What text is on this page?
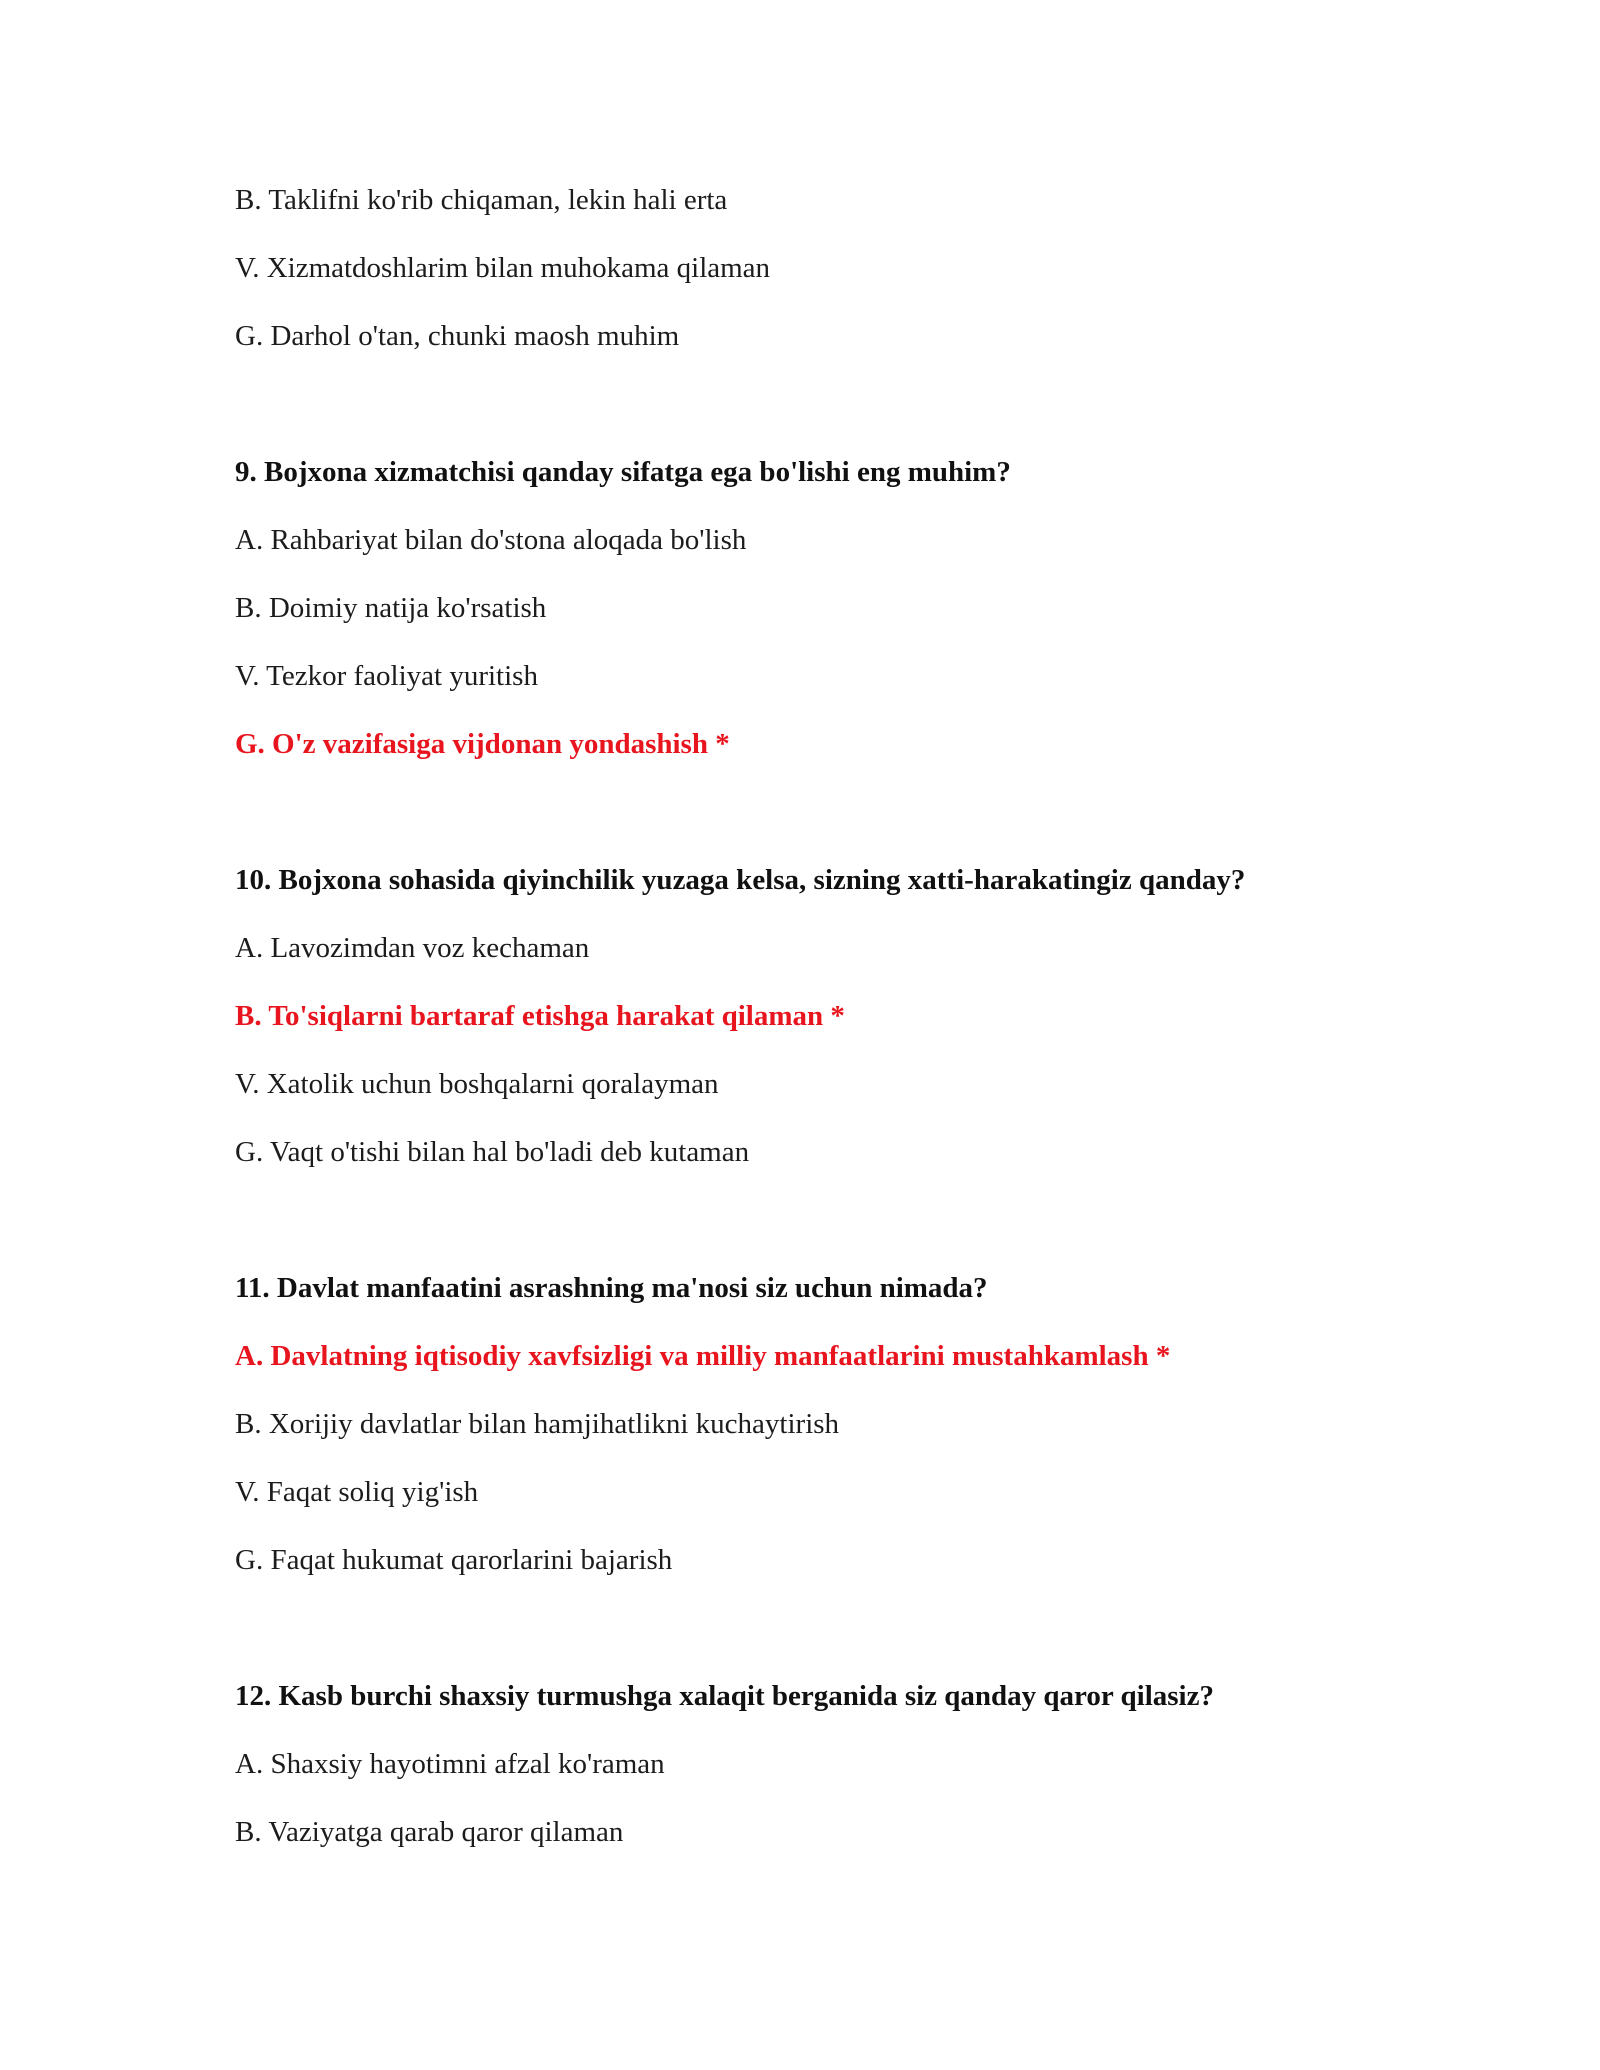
B. Taklifni ko'rib chiqaman, lekin hali erta
V. Xizmatdoshlarim bilan muhokama qilaman
G. Darhol o'tan, chunki maosh muhim
9. Bojxona xizmatchisi qanday sifatga ega bo'lishi eng muhim?
A. Rahbariyat bilan do'stona aloqada bo'lish
B. Doimiy natija ko'rsatish
V. Tezkor faoliyat yuritish
G. O'z vazifasiga vijdonan yondashish *
10. Bojxona sohasida qiyinchilik yuzaga kelsa, sizning xatti-harakatingiz qanday?
A. Lavozimdan voz kechaman
B. To'siqlarni bartaraf etishga harakat qilaman *
V. Xatolik uchun boshqalarni qoralayman
G. Vaqt o'tishi bilan hal bo'ladi deb kutaman
11. Davlat manfaatini asrashning ma'nosi siz uchun nimada?
A. Davlatning iqtisodiy xavfsizligi va milliy manfaatlarini mustahkamlash *
B. Xorijiy davlatlar bilan hamjihatlikni kuchaytirish
V. Faqat soliq yig'ish
G. Faqat hukumat qarorlarini bajarish
12. Kasb burchi shaxsiy turmushga xalaqit berganida siz qanday qaror qilasiz?
A. Shaxsiy hayotimni afzal ko'raman
B. Vaziyatga qarab qaror qilaman
